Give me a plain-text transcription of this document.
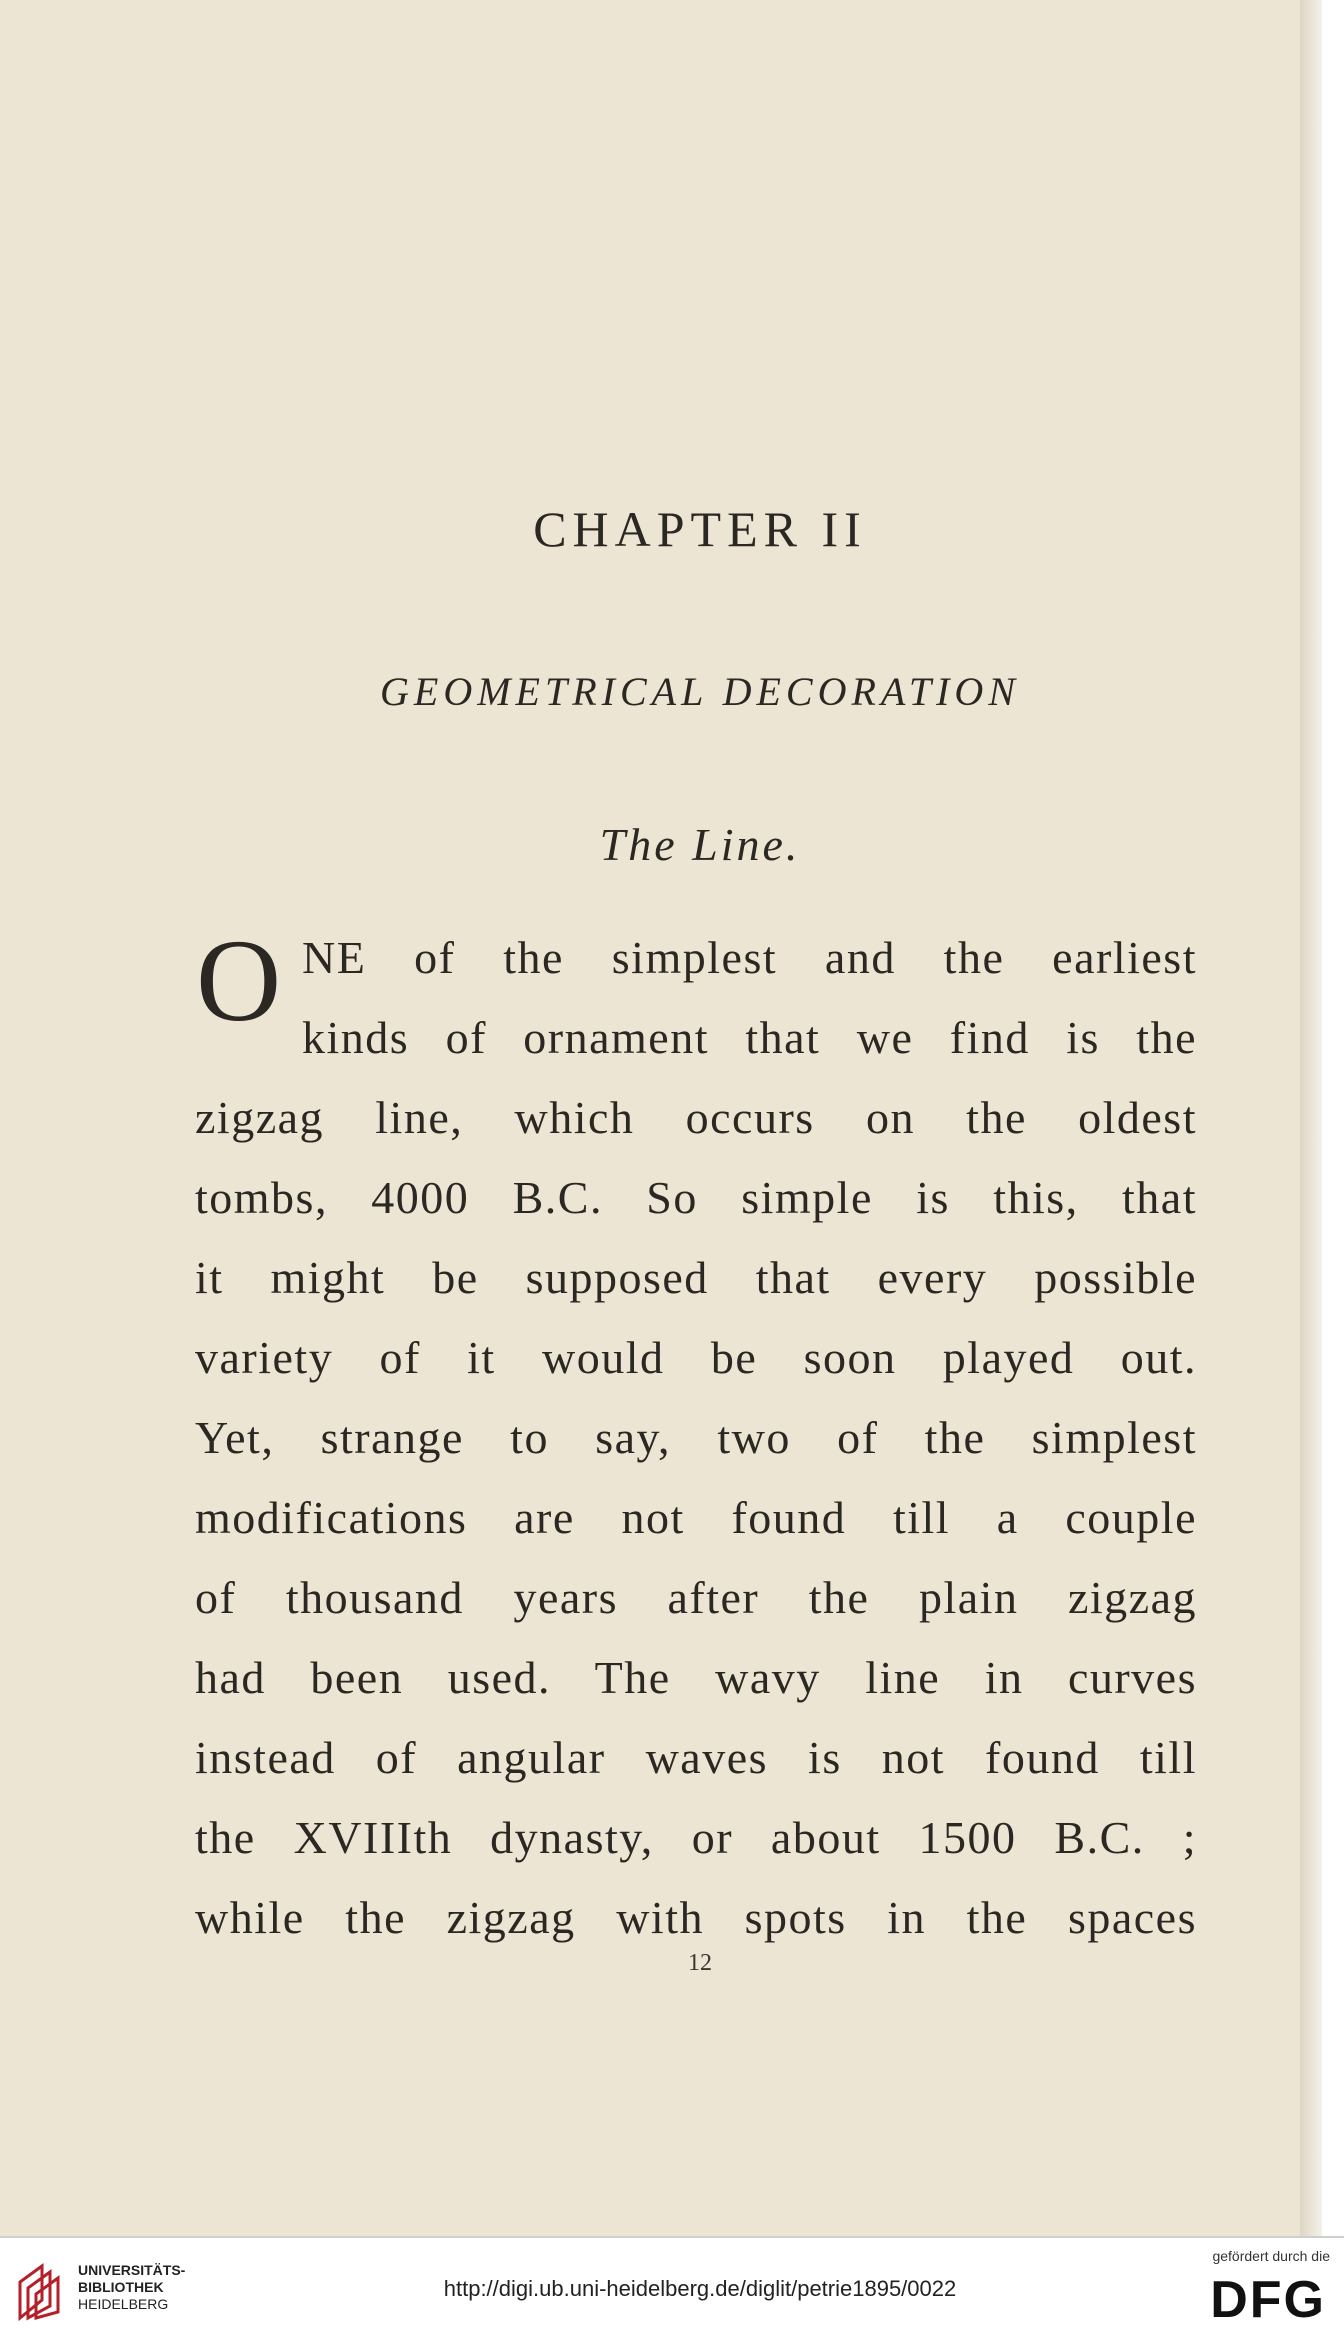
CHAPTER II
GEOMETRICAL DECORATION
The Line.
O NE of the simplest and the earliest
kinds of ornament that we find is the
zigzag line, which occurs on the oldest
tombs, 4000 B.C. So simple is this, that
it might be supposed that every possible
variety of it would be soon played out.
Yet, strange to say, two of the simplest
modifications are not found till a couple
of thousand years after the plain zigzag
had been used. The wavy line in curves
instead of angular waves is not found till
the XVIIIth dynasty, or about 1500 B.C. ;
while the zigzag with spots in the spaces
12
UNIVERSITÄTS-
BIBLIOTHEK
HEIDELBERG
http://digi.ub.uni-heidelberg.de/diglit/petrie1895/0022
gefördert durch die
DFG
